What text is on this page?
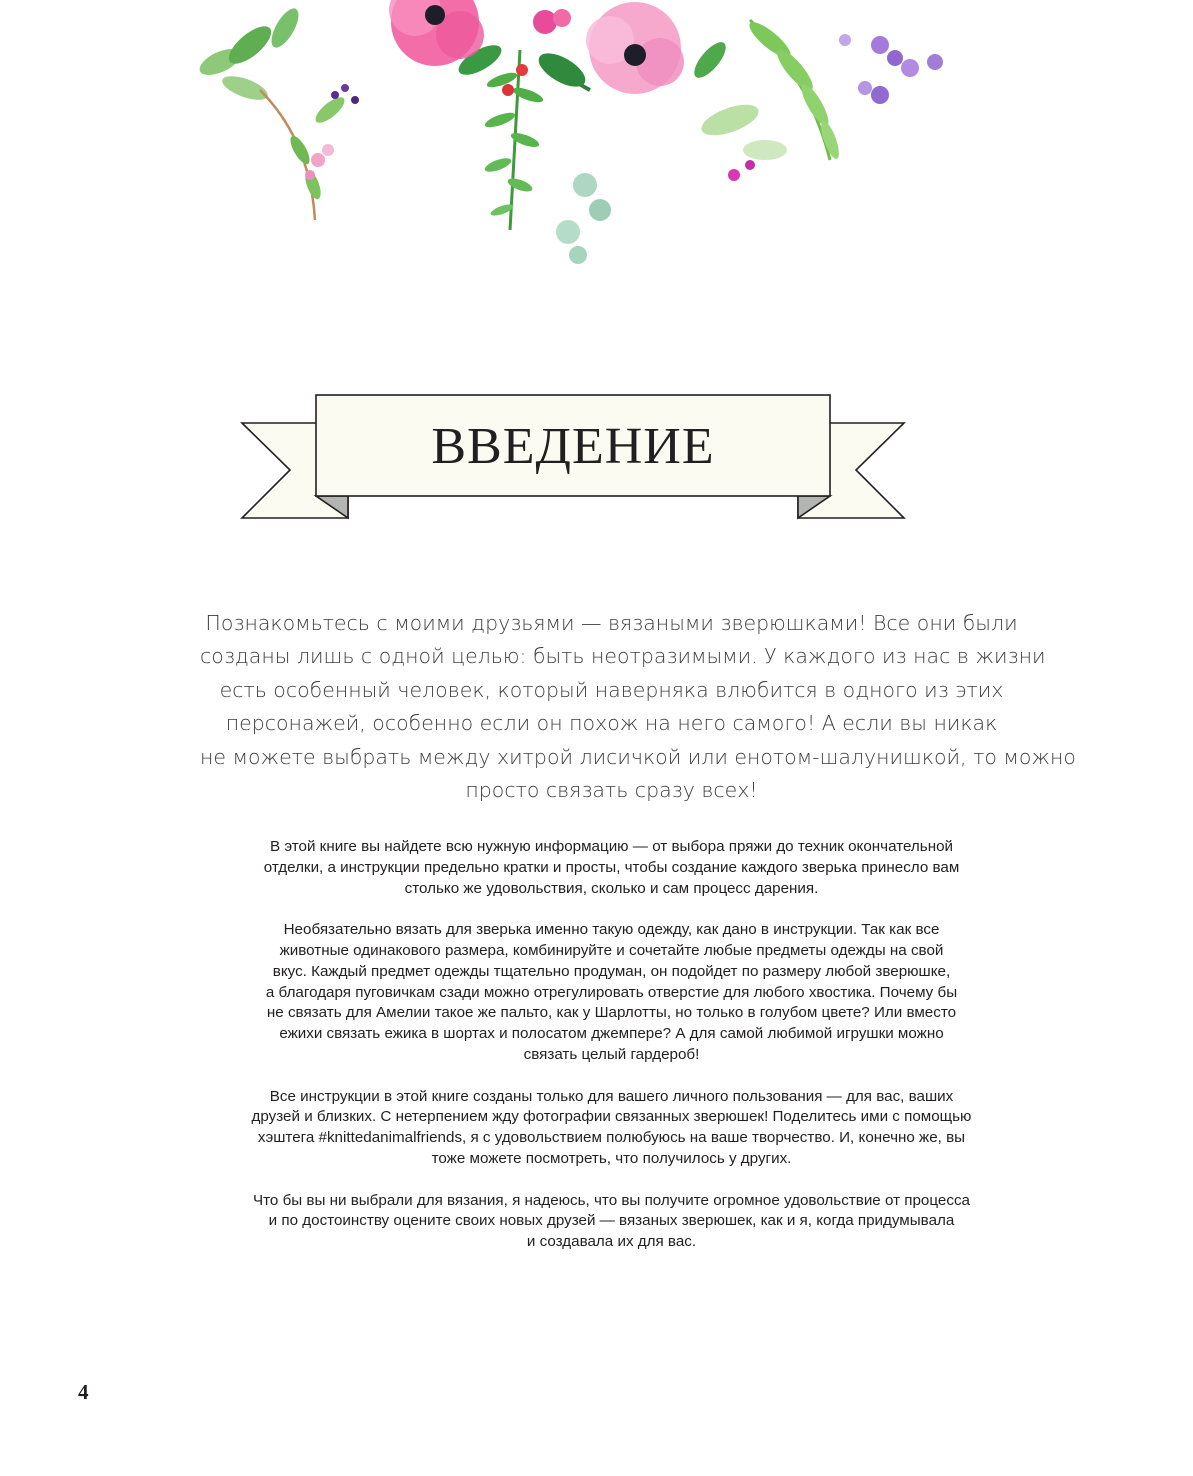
ВВЕДЕНИЕ

Познакомьтесь с моими друзьями — вязаными зверюшками! Все они были
созданы лишь с одной целью: быть неотразимыми. У каждого из нас в жизни
есть особенный человек, который наверняка влюбится в одного из этих
персонажей, особенно если он похож на него самого! А если вы никак
не можете выбрать между хитрой лисичкой или енотом-шалунишкой, то можно
просто связать сразу всех!

В этой книге вы найдете всю нужную информацию — от выбора пряжи до техник окончательной
отделки, а инструкции предельно кратки и просты, чтобы создание каждого зверька принесло вам
столько же удовольствия, сколько и сам процесс дарения.

Необязательно вязать для зверька именно такую одежду, как дано в инструкции. Так как все
животные одинакового размера, комбинируйте и сочетайте любые предметы одежды на свой
вкус. Каждый предмет одежды тщательно продуман, он подойдет по размеру любой зверюшке,
а благодаря пуговичкам сзади можно отрегулировать отверстие для любого хвостика. Почему бы
не связать для Амелии такое же пальто, как у Шарлотты, но только в голубом цвете? Или вместо
ежихи связать ежика в шортах и полосатом джемпере? А для самой любимой игрушки можно
связать целый гардероб!

Все инструкции в этой книге созданы только для вашего личного пользования — для вас, ваших
друзей и близких. С нетерпением жду фотографии связанных зверюшек! Поделитесь ими с помощью
хэштега #knittedanimalfriends, я с удовольствием полюбуюсь на ваше творчество. И, конечно же, вы
тоже можете посмотреть, что получилось у других.

Что бы вы ни выбрали для вязания, я надеюсь, что вы получите огромное удовольствие от процесса
и по достоинству оцените своих новых друзей — вязаных зверюшек, как и я, когда придумывала
и создавала их для вас.

4
